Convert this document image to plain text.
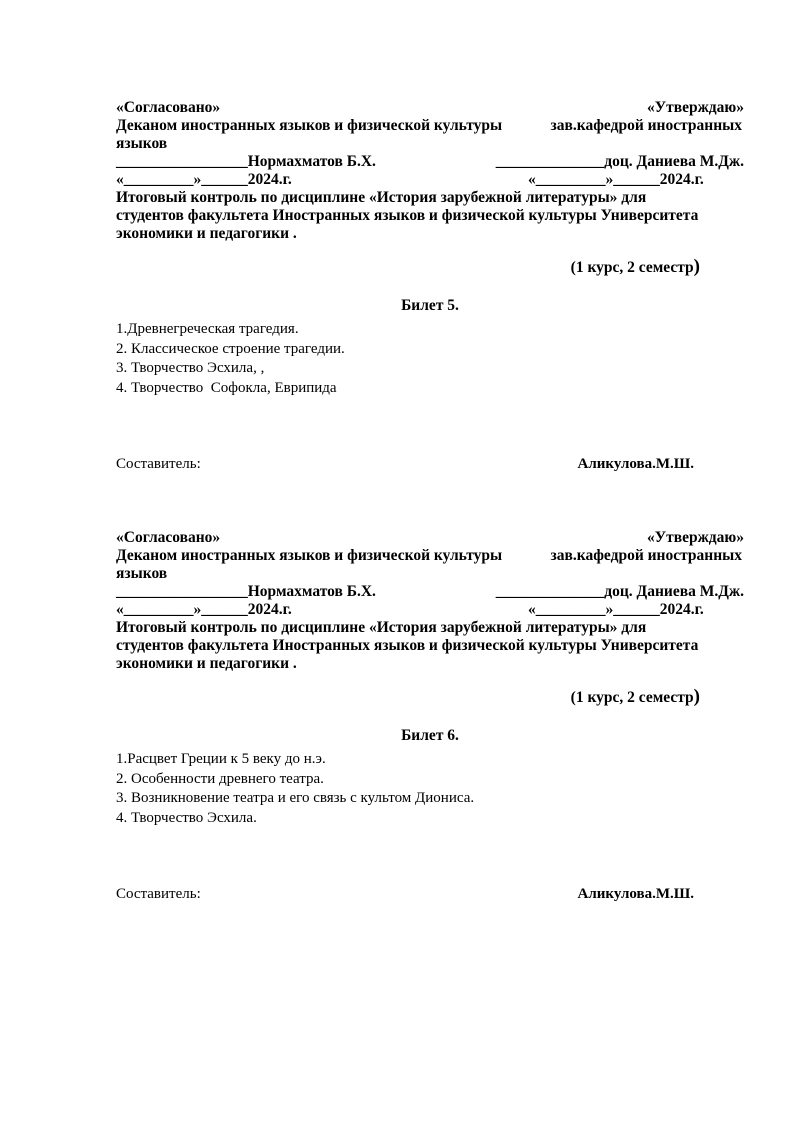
«Согласовано»	«Утверждаю»
Деканом иностранных языков и физической культуры	зав.кафедрой иностранных
языков
_________________Нормахматов Б.Х.	______________доц. Даниева М.Дж.
«_________»______2024.г.	«_________»______2024.г.
Итоговый контроль по дисциплине «История зарубежной литературы» для
студентов факультета Иностранных языков и физической культуры Университета
экономики и педагогики .
(1 курс, 2 семестр)
Билет 5.
1.Древнегреческая трагедия.
2. Классическое строение трагедии.
3. Творчество Эсхила, ,
4. Творчество  Софокла, Еврипида
Составитель:	Аликулова.М.Ш.
«Согласовано»	«Утверждаю»
Деканом иностранных языков и физической культуры	зав.кафедрой иностранных
языков
_________________Нормахматов Б.Х.	______________доц. Даниева М.Дж.
«_________»______2024.г.	«_________»______2024.г.
Итоговый контроль по дисциплине «История зарубежной литературы» для
студентов факультета Иностранных языков и физической культуры Университета
экономики и педагогики .
(1 курс, 2 семестр)
Билет 6.
1.Расцвет Греции к 5 веку до н.э.
2. Особенности древнего театра.
3. Возникновение театра и его связь с культом Диониса.
4. Творчество Эсхила.
Составитель:	Аликулова.М.Ш.
